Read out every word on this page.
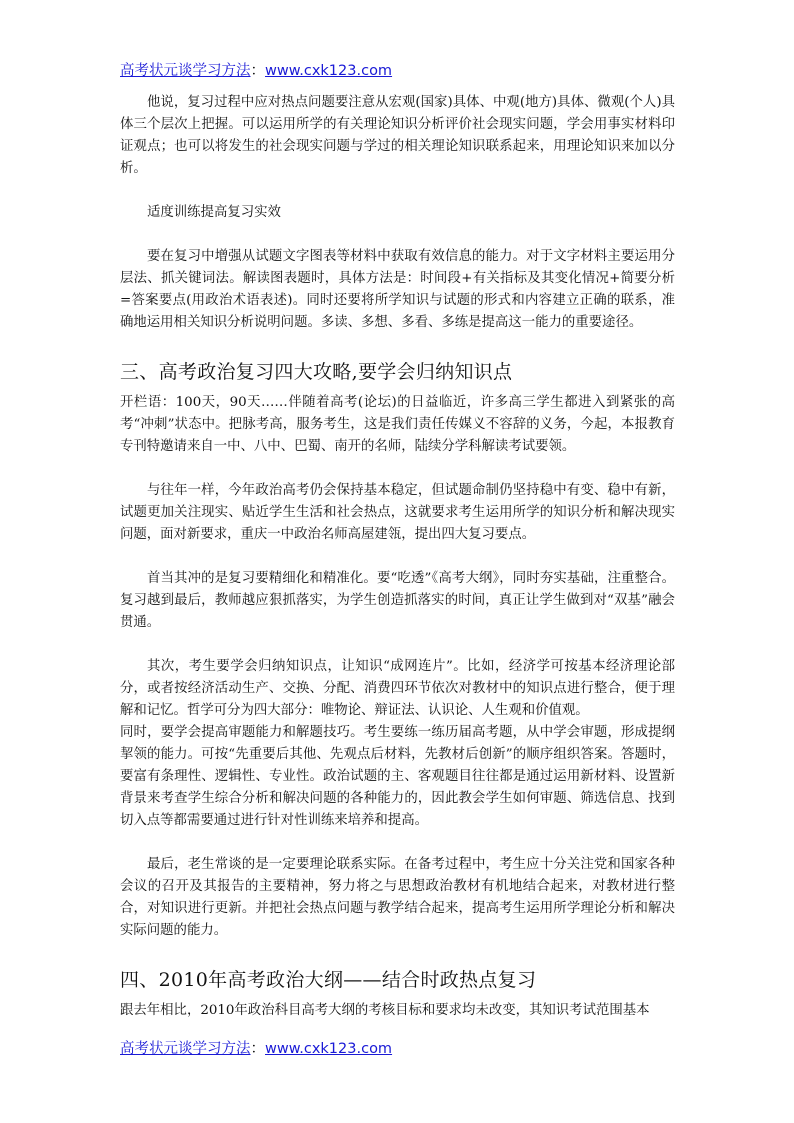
高考状元谈学习方法：www.cxk123.com

他说，复习过程中应对热点问题要注意从宏观(国家)具体、中观(地方)具体、微观(个人)具体三个层次上把握。可以运用所学的有关理论知识分析评价社会现实问题，学会用事实材料印证观点；也可以将发生的社会现实问题与学过的相关理论知识联系起来，用理论知识来加以分析。

适度训练提高复习实效

要在复习中增强从试题文字图表等材料中获取有效信息的能力。对于文字材料主要运用分层法、抓关键词法。解读图表题时，具体方法是：时间段+有关指标及其变化情况+简要分析=答案要点(用政治术语表述)。同时还要将所学知识与试题的形式和内容建立正确的联系，准确地运用相关知识分析说明问题。多读、多想、多看、多练是提高这一能力的重要途径。

三、高考政治复习四大攻略,要学会归纳知识点

开栏语：100天，90天……伴随着高考(论坛)的日益临近，许多高三学生都进入到紧张的高考“冲刺”状态中。把脉考高，服务考生，这是我们责任传媒义不容辞的义务，今起，本报教育专刊特邀请来自一中、八中、巴蜀、南开的名师，陆续分学科解读考试要领。

与往年一样，今年政治高考仍会保持基本稳定，但试题命制仍坚持稳中有变、稳中有新，试题更加关注现实、贴近学生生活和社会热点，这就要求考生运用所学的知识分析和解决现实问题，面对新要求，重庆一中政治名师高屋建瓴，提出四大复习要点。

首当其冲的是复习要精细化和精准化。要“吃透”《高考大纲》，同时夯实基础，注重整合。复习越到最后，教师越应狠抓落实，为学生创造抓落实的时间，真正让学生做到对“双基”融会贯通。

其次，考生要学会归纳知识点，让知识“成网连片”。比如，经济学可按基本经济理论部分，或者按经济活动生产、交换、分配、消费四环节依次对教材中的知识点进行整合，便于理解和记忆。哲学可分为四大部分：唯物论、辩证法、认识论、人生观和价值观。

同时，要学会提高审题能力和解题技巧。考生要练一练历届高考题，从中学会审题，形成提纲挈领的能力。可按“先重要后其他、先观点后材料，先教材后创新”的顺序组织答案。答题时，要富有条理性、逻辑性、专业性。政治试题的主、客观题目往往都是通过运用新材料、设置新背景来考查学生综合分析和解决问题的各种能力的，因此教会学生如何审题、筛选信息、找到切入点等都需要通过进行针对性训练来培养和提高。

最后，老生常谈的是一定要理论联系实际。在备考过程中，考生应十分关注党和国家各种会议的召开及其报告的主要精神，努力将之与思想政治教材有机地结合起来，对教材进行整合，对知识进行更新。并把社会热点问题与教学结合起来，提高考生运用所学理论分析和解决实际问题的能力。

四、2010年高考政治大纲——结合时政热点复习

跟去年相比，2010年政治科目高考大纲的考核目标和要求均未改变，其知识考试范围基本

高考状元谈学习方法：www.cxk123.com
